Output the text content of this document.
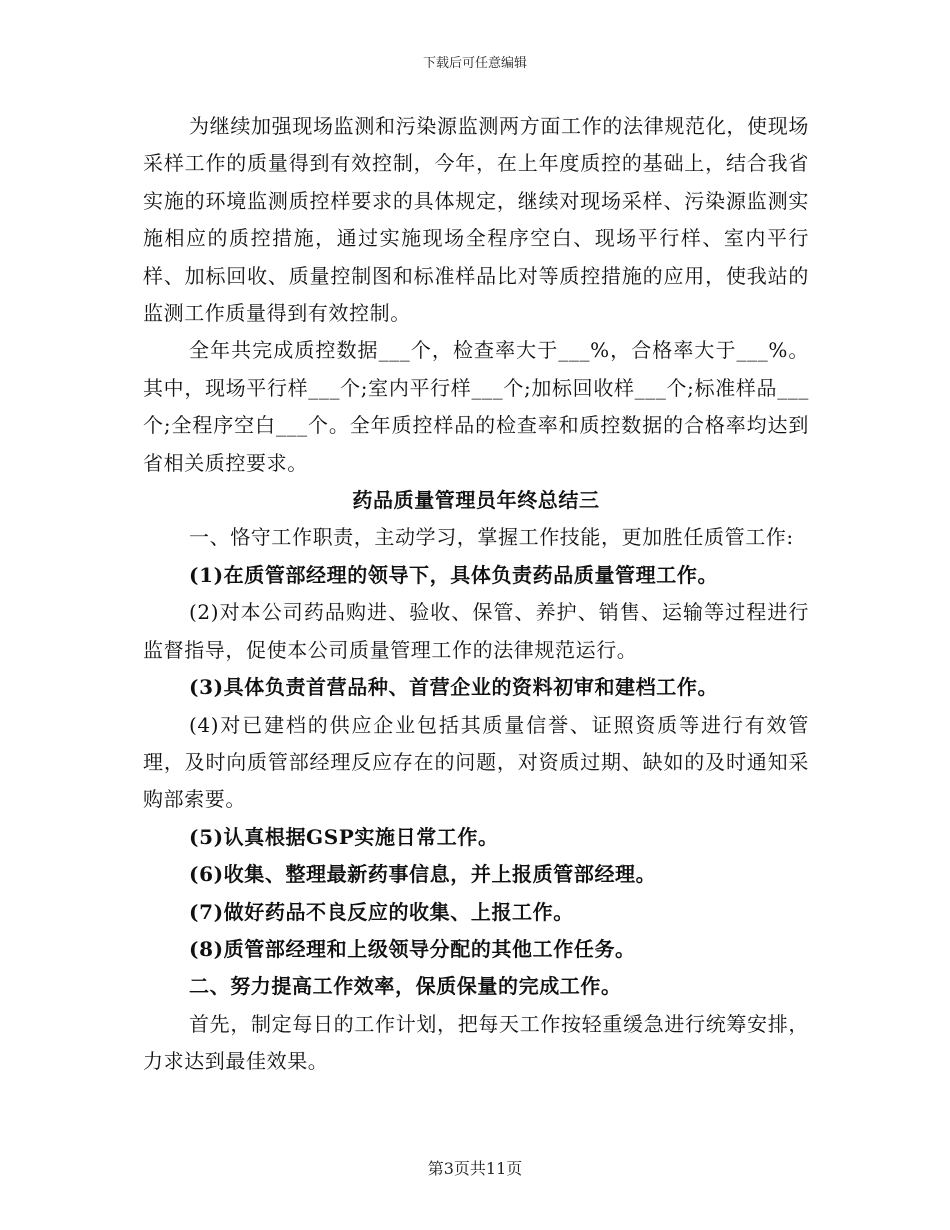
下载后可任意编辑

为继续加强现场监测和污染源监测两方面工作的法律规范化，使现场采样工作的质量得到有效控制，今年，在上年度质控的基础上，结合我省实施的环境监测质控样要求的具体规定，继续对现场采样、污染源监测实施相应的质控措施，通过实施现场全程序空白、现场平行样、室内平行样、加标回收、质量控制图和标准样品比对等质控措施的应用，使我站的监测工作质量得到有效控制。

全年共完成质控数据___个，检查率大于___%，合格率大于___%。其中，现场平行样___个;室内平行样___个;加标回收样___个;标准样品___个;全程序空白___个。全年质控样品的检查率和质控数据的合格率均达到省相关质控要求。

药品质量管理员年终总结三

一、恪守工作职责，主动学习，掌握工作技能，更加胜任质管工作:

(1)在质管部经理的领导下，具体负责药品质量管理工作。

(2)对本公司药品购进、验收、保管、养护、销售、运输等过程进行监督指导，促使本公司质量管理工作的法律规范运行。

(3)具体负责首营品种、首营企业的资料初审和建档工作。

(4)对已建档的供应企业包括其质量信誉、证照资质等进行有效管理，及时向质管部经理反应存在的问题，对资质过期、缺如的及时通知采购部索要。

(5)认真根据GSP实施日常工作。

(6)收集、整理最新药事信息，并上报质管部经理。

(7)做好药品不良反应的收集、上报工作。

(8)质管部经理和上级领导分配的其他工作任务。

二、努力提高工作效率，保质保量的完成工作。

首先，制定每日的工作计划，把每天工作按轻重缓急进行统筹安排，力求达到最佳效果。

第3页共11页
